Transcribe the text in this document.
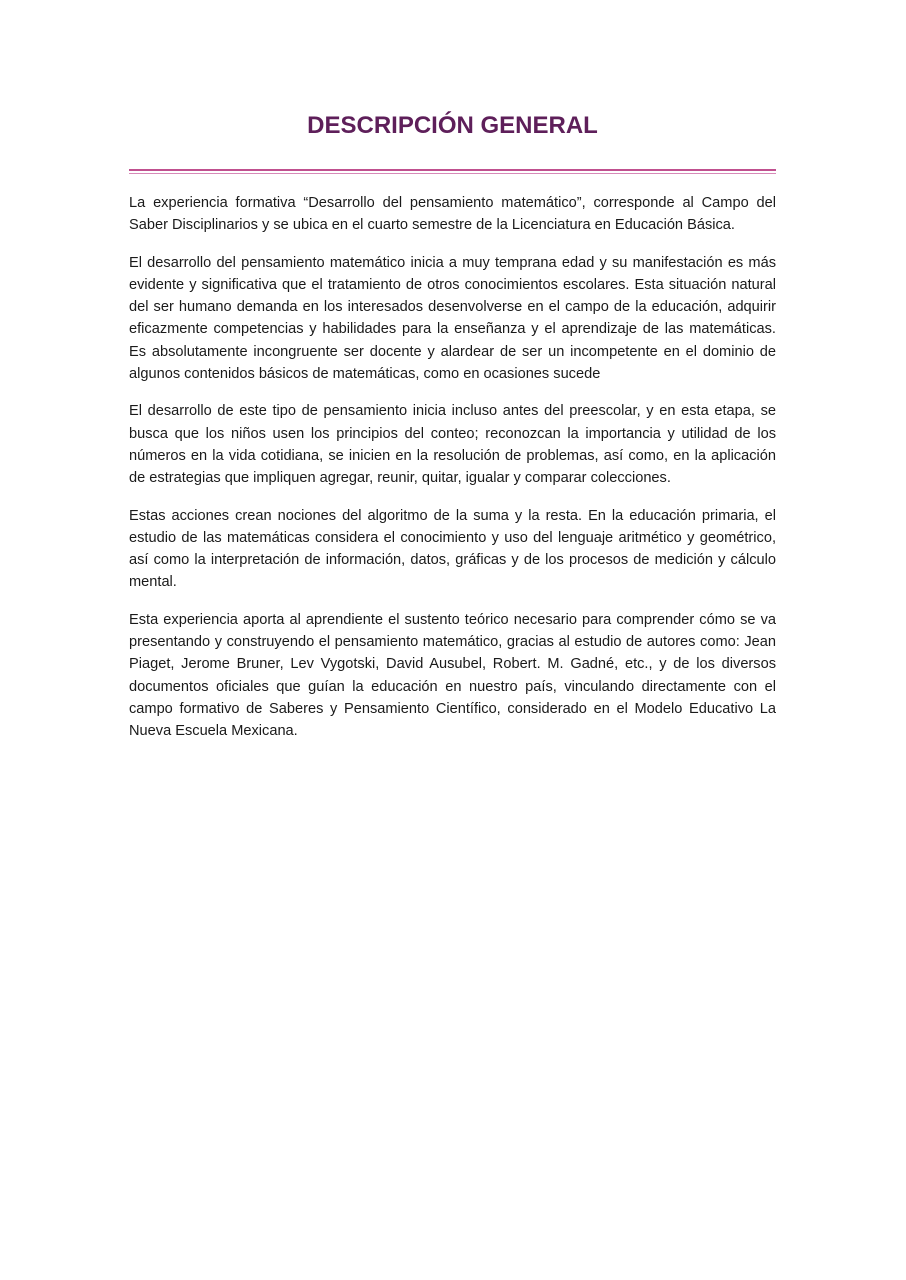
DESCRIPCIÓN GENERAL

La experiencia formativa “Desarrollo del pensamiento matemático”, corresponde al Campo del Saber Disciplinarios y se ubica en el cuarto semestre de la Licenciatura en Educación Básica.

El desarrollo del pensamiento matemático inicia a muy temprana edad y su manifestación es más evidente y significativa que el tratamiento de otros conocimientos escolares. Esta situación natural del ser humano demanda en los interesados desenvolverse en el campo de la educación, adquirir eficazmente competencias y habilidades para la enseñanza y el aprendizaje de las matemáticas. Es absolutamente incongruente ser docente y alardear de ser un incompetente en el dominio de algunos contenidos básicos de matemáticas, como en ocasiones sucede

El desarrollo de este tipo de pensamiento inicia incluso antes del preescolar, y en esta etapa, se busca que los niños usen los principios del conteo; reconozcan la importancia y utilidad de los números en la vida cotidiana, se inicien en la resolución de problemas, así como, en la aplicación de estrategias que impliquen agregar, reunir, quitar, igualar y comparar colecciones.

Estas acciones crean nociones del algoritmo de la suma y la resta. En la educación primaria, el estudio de las matemáticas considera el conocimiento y uso del lenguaje aritmético y geométrico, así como la interpretación de información, datos, gráficas y de los procesos de medición y cálculo mental.

Esta experiencia aporta al aprendiente el sustento teórico necesario para comprender cómo se va presentando y construyendo el pensamiento matemático, gracias al estudio de autores como: Jean Piaget, Jerome Bruner, Lev Vygotski, David Ausubel, Robert. M. Gadné, etc., y de los diversos documentos oficiales que guían la educación en nuestro país, vinculando directamente con el campo formativo de Saberes y Pensamiento Científico, considerado en el Modelo Educativo La Nueva Escuela Mexicana.
